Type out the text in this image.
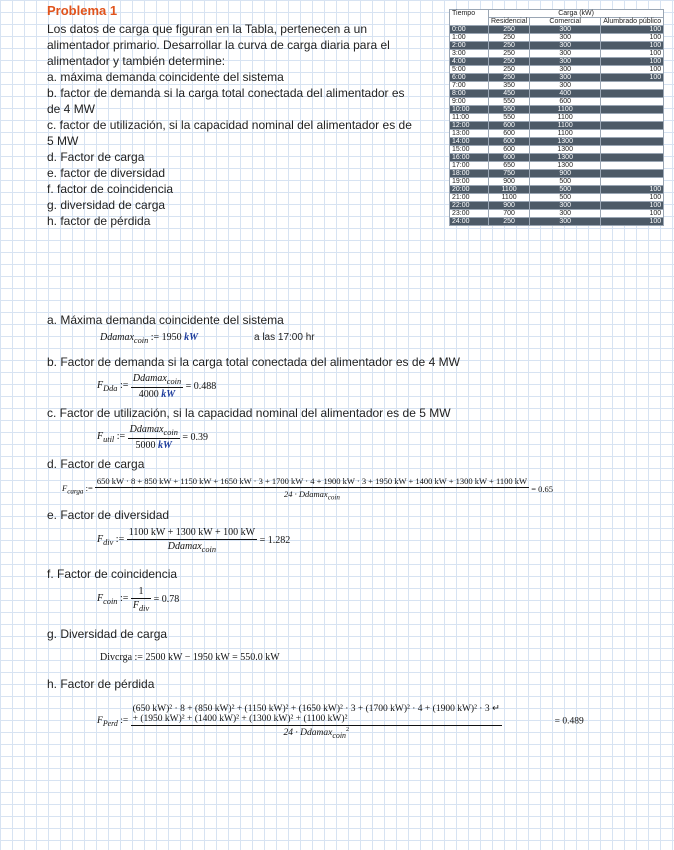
Problema 1
Los datos de carga que figuran en la Tabla, pertenecen a un
alimentador primario. Desarrollar la curva de carga diaria para el
alimentador y también determine:
a. máxima demanda coincidente del sistema
b. factor de demanda si la carga total conectada del alimentador es
de 4 MW
c. factor de utilización, si la capacidad nominal del alimentador es de
5 MW
d. Factor de carga
e. factor de diversidad
f. factor de coincidencia
g. diversidad de carga
h. factor de pérdida
Tiempo	Carga (kW)		
	Residencial	Comercial	Alumbrado público
0:00	250	300	100
1:00	250	300	100
2:00	250	300	100
3:00	250	300	100
4:00	250	300	100
5:00	250	300	100
6:00	250	300	100
7:00	350	300	
8:00	450	400	
9:00	550	600	
10:00	550	1100	
11:00	550	1100	
12:00	600	1100	
13:00	600	1100	
14:00	600	1300	
15:00	600	1300	
16:00	600	1300	
17:00	650	1300	
18:00	750	900	
19:00	900	500	
20:00	1100	500	100
21:00	1100	500	100
22:00	900	300	100
23:00	700	300	100
24:00	250	300	100
a. Máxima demanda coincidente del sistema
Ddamax$_{coin}$ := 1950 kW	a las 17:00 hr
b. Factor de demanda si la carga total conectada del alimentador es de 4 MW
$F_{Dda}$ := $\frac{Ddamax_{coin}}{4000 kW} = 0.488$
c. Factor de utilización, si la capacidad nominal del alimentador es de 5 MW
$F_{util}$ := $\frac{Ddamax_{coin}}{5000 kW} = 0.39$
d. Factor de carga
$F_{carga}$ :=
650 kW · 8 + 850 kW + 1150 kW + 1650 kW · 3 + 1700 kW · 4 + 1900 kW · 3 + 1950 kW + 1400 kW + 1300 kW + 1100 kW
24 · Ddamax$_{coin}$
= 0.65
e. Factor de diversidad
$F_{div}$ := $\frac{1100 kW + 1300 kW + 100 kW}{Ddamax_{coin}} = 1.282$
f. Factor de coincidencia
$F_{coin}$ := $\frac{1}{F_{div}} = 0.78$
g. Diversidad de carga
Divcrga := 2500 kW − 1950 kW = 550.0 kW
h. Factor de pérdida
$F_{Perd}$ :=
(650 kW)² · 8 + (850 kW)² + (1150 kW)² + (1650 kW)² · 3 + (1700 kW)² · 4 + (1900 kW)² · 3 ↵
+ (1950 kW)² + (1400 kW)² + (1300 kW)² + (1100 kW)²
24 · Ddamax$_{coin}^2$
= 0.489
